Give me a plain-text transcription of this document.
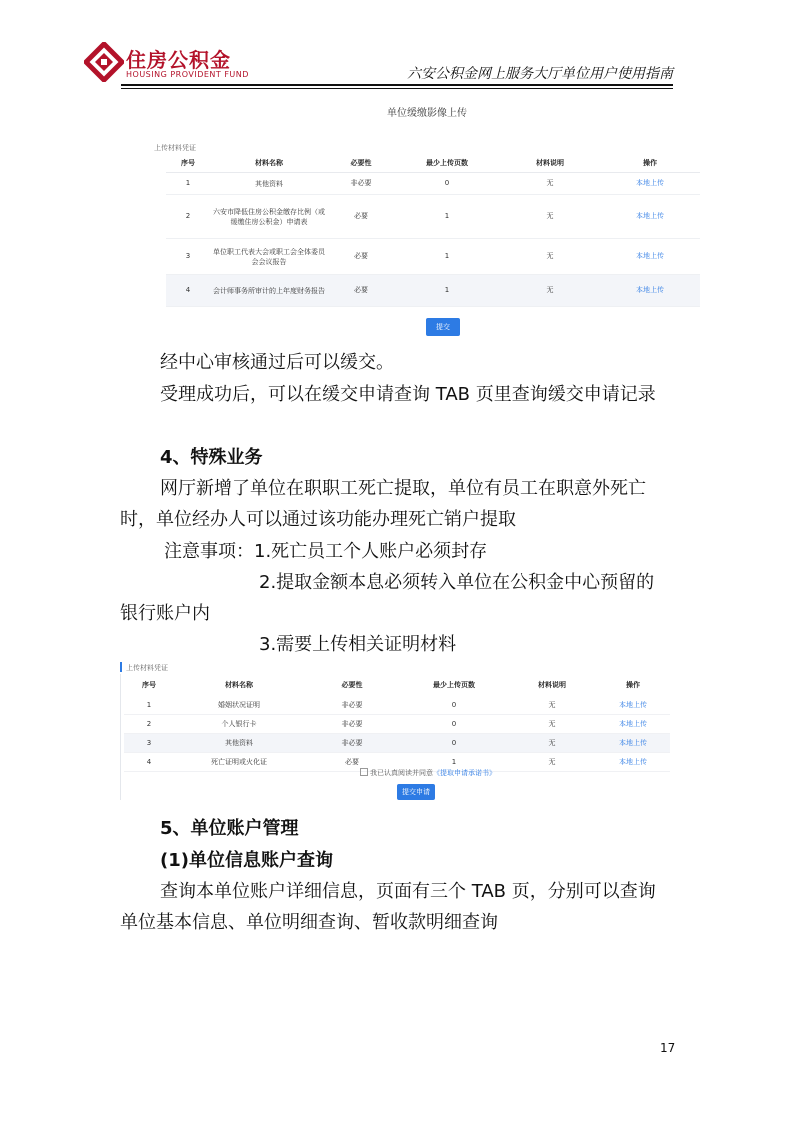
住房公积金
HOUSING PROVIDENT FUND	六安公积金网上服务大厅单位用户使用指南
单位缓缴影像上传
上传材料凭证
序号	材料名称	必要性	最少上传页数	材料说明	操作
1	其他资料	非必要	0	无	本地上传
2	六安市降低住房公积金缴存比例（或缓缴住房公积金）申请表	必要	1	无	本地上传
3	单位职工代表大会或职工会全体委员会会议报告	必要	1	无	本地上传
4	会计师事务所审计的上年度财务报告	必要	1	无	本地上传
提交
经中心审核通过后可以缓交。
受理成功后，可以在缓交申请查询 TAB 页里查询缓交申请记录
4、特殊业务
网厅新增了单位在职职工死亡提取，单位有员工在职意外死亡
时，单位经办人可以通过该功能办理死亡销户提取
注意事项：1.死亡员工个人账户必须封存
2.提取金额本息必须转入单位在公积金中心预留的
银行账户内
3.需要上传相关证明材料
上传材料凭证
序号	材料名称	必要性	最少上传页数	材料说明	操作
1	婚姻状况证明	非必要	0	无	本地上传
2	个人银行卡	非必要	0	无	本地上传
3	其他资料	非必要	0	无	本地上传
4	死亡证明或火化证	必要	1	无	本地上传
我已认真阅读并同意《提取申请承诺书》
提交申请
5、单位账户管理
(1)单位信息账户查询
查询本单位账户详细信息，页面有三个 TAB 页，分别可以查询
单位基本信息、单位明细查询、暂收款明细查询
17
